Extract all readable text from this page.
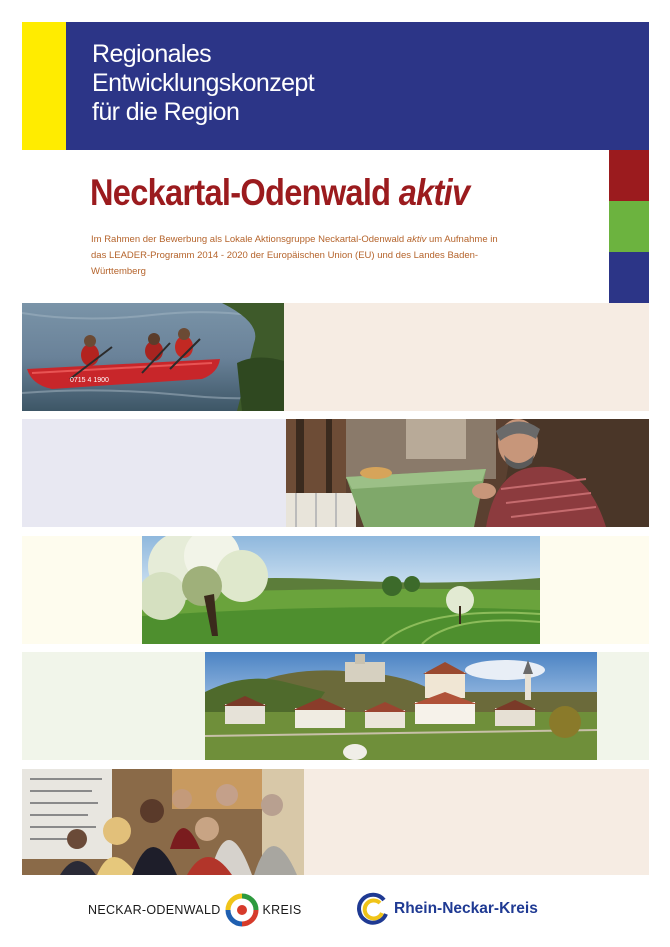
Regionales
Entwicklungskonzept
für die Region
Neckartal-Odenwald aktiv
Im Rahmen der Bewerbung als Lokale Aktionsgruppe Neckartal-Odenwald aktiv um Aufnahme in das LEADER-Programm 2014 - 2020 der Europäischen Union (EU) und des Landes Baden-Württemberg
0715 4 1900
NECKAR-ODENWALD	KREIS	Rhein-Neckar-Kreis
